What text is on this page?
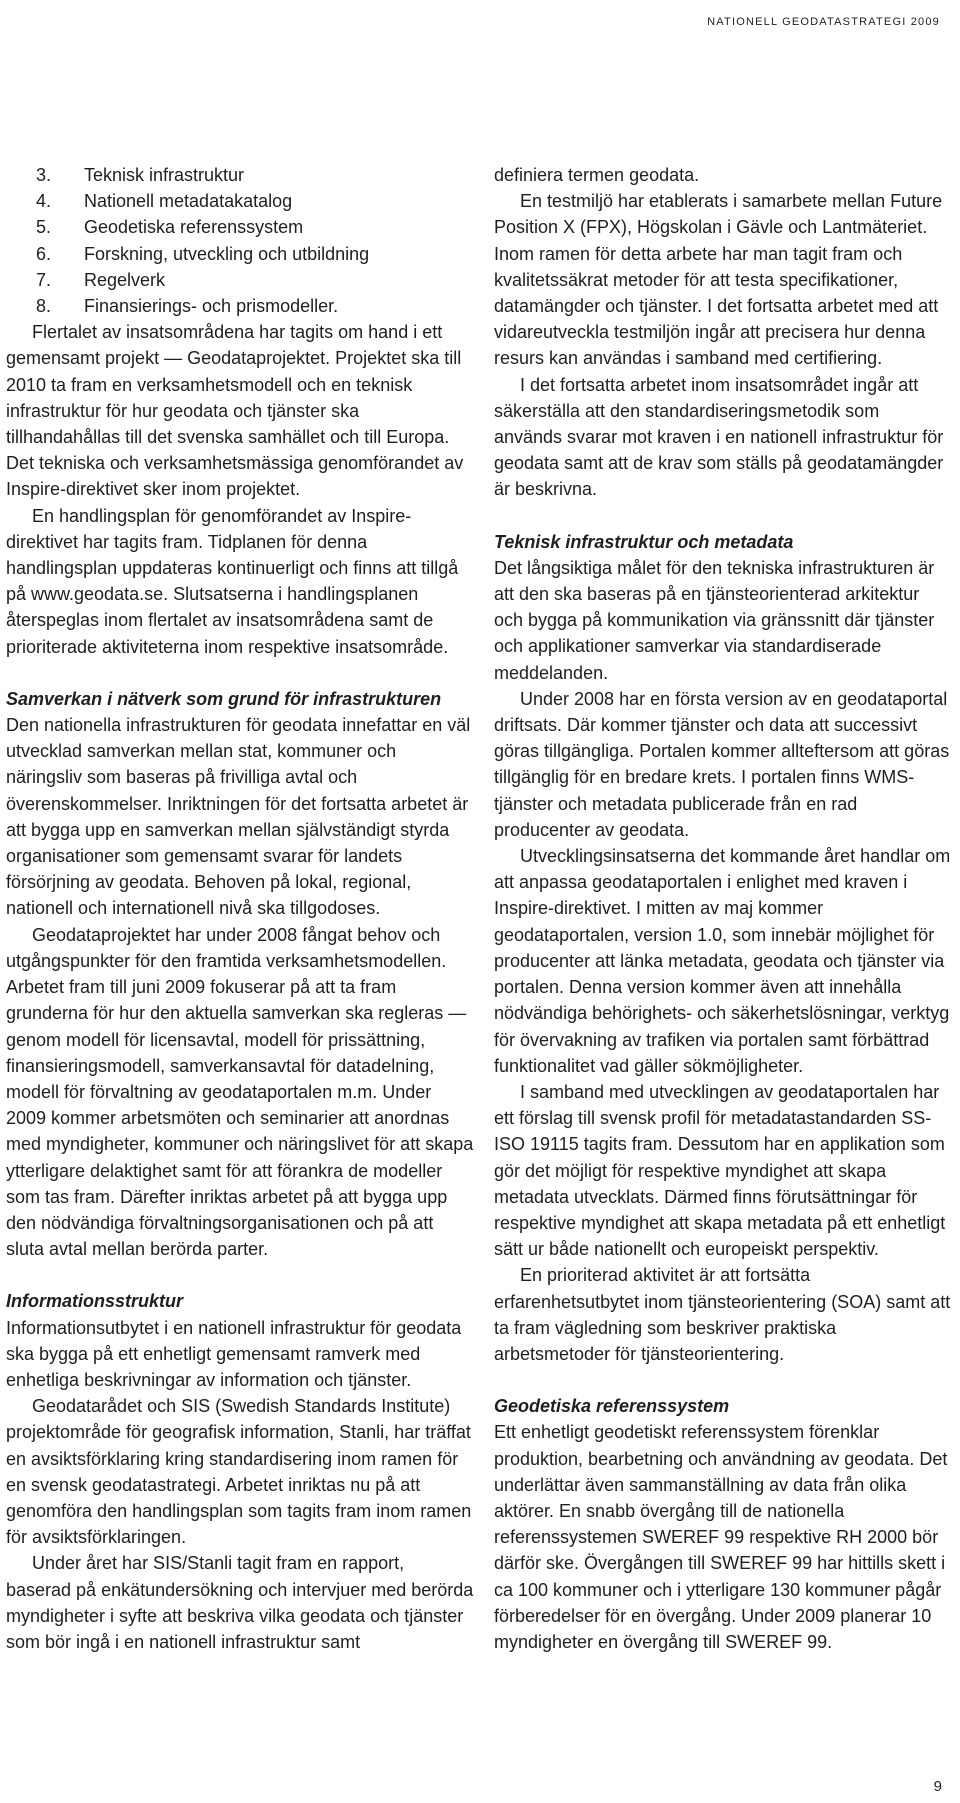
NATIONELL GEODATASTRATEGI 2009
3.	Teknisk infrastruktur
4.	Nationell metadatakatalog
5.	Geodetiska referenssystem
6.	Forskning, utveckling och utbildning
7.	Regelverk
8.	Finansierings- och prismodeller.

Flertalet av insatsområdena har tagits om hand i ett gemensamt projekt — Geodataprojektet. Projektet ska till 2010 ta fram en verksamhetsmodell och en teknisk infrastruktur för hur geodata och tjänster ska tillhandahållas till det svenska samhället och till Europa. Det tekniska och verksamhetsmässiga genomförandet av Inspire-direktivet sker inom projektet.

En handlingsplan för genomförandet av Inspire-direktivet har tagits fram. Tidplanen för denna handlingsplan uppdateras kontinuerligt och finns att tillgå på www.geodata.se. Slutsatserna i handlingsplanen återspeglas inom flertalet av insatsområdena samt de prioriterade aktiviteterna inom respektive insatsområde.

Samverkan i nätverk som grund för infrastrukturen

Den nationella infrastrukturen för geodata innefattar en väl utvecklad samverkan mellan stat, kommuner och näringsliv som baseras på frivilliga avtal och överenskommelser. Inriktningen för det fortsatta arbetet är att bygga upp en samverkan mellan självständigt styrda organisationer som gemensamt svarar för landets försörjning av geodata. Behoven på lokal, regional, nationell och internationell nivå ska tillgodoses.

Geodataprojektet har under 2008 fångat behov och utgångspunkter för den framtida verksamhetsmodellen. Arbetet fram till juni 2009 fokuserar på att ta fram grunderna för hur den aktuella samverkan ska regleras — genom modell för licensavtal, modell för prissättning, finansieringsmodell, samverkansavtal för datadelning, modell för förvaltning av geodataportalen m.m. Under 2009 kommer arbetsmöten och seminarier att anordnas med myndigheter, kommuner och näringslivet för att skapa ytterligare delaktighet samt för att förankra de modeller som tas fram. Därefter inriktas arbetet på att bygga upp den nödvändiga förvaltningsorganisationen och på att sluta avtal mellan berörda parter.

Informationsstruktur

Informationsutbytet i en nationell infrastruktur för geodata ska bygga på ett enhetligt gemensamt ramverk med enhetliga beskrivningar av information och tjänster.

Geodatarådet och SIS (Swedish Standards Institute) projektområde för geografisk information, Stanli, har träffat en avsiktsförklaring kring standardisering inom ramen för en svensk geodatastrategi. Arbetet inriktas nu på att genomföra den handlingsplan som tagits fram inom ramen för avsiktsförklaringen.

Under året har SIS/Stanli tagit fram en rapport, baserad på enkätundersökning och intervjuer med berörda myndigheter i syfte att beskriva vilka geodata och tjänster som bör ingå i en nationell infrastruktur samt

definiera termen geodata.

En testmiljö har etablerats i samarbete mellan Future Position X (FPX), Högskolan i Gävle och Lantmäteriet. Inom ramen för detta arbete har man tagit fram och kvalitetssäkrat metoder för att testa specifikationer, datamängder och tjänster. I det fortsatta arbetet med att vidareutveckla testmiljön ingår att precisera hur denna resurs kan användas i samband med certifiering.

I det fortsatta arbetet inom insatsområdet ingår att säkerställa att den standardiseringsmetodik som används svarar mot kraven i en nationell infrastruktur för geodata samt att de krav som ställs på geodatamängder är beskrivna.

Teknisk infrastruktur och metadata

Det långsiktiga målet för den tekniska infrastrukturen är att den ska baseras på en tjänsteorienterad arkitektur och bygga på kommunikation via gränssnitt där tjänster och applikationer samverkar via standardiserade meddelanden.

Under 2008 har en första version av en geodataportal driftsats. Där kommer tjänster och data att successivt göras tillgängliga. Portalen kommer allteftersom att göras tillgänglig för en bredare krets. I portalen finns WMS-tjänster och metadata publicerade från en rad producenter av geodata.

Utvecklingsinsatserna det kommande året handlar om att anpassa geodataportalen i enlighet med kraven i Inspire-direktivet. I mitten av maj kommer geodataportalen, version 1.0, som innebär möjlighet för producenter att länka metadata, geodata och tjänster via portalen. Denna version kommer även att innehålla nödvändiga behörighets- och säkerhetslösningar, verktyg för övervakning av trafiken via portalen samt förbättrad funktionalitet vad gäller sökmöjligheter.

I samband med utvecklingen av geodataportalen har ett förslag till svensk profil för metadatastandarden SS-ISO 19115 tagits fram. Dessutom har en applikation som gör det möjligt för respektive myndighet att skapa metadata utvecklats. Därmed finns förutsättningar för respektive myndighet att skapa metadata på ett enhetligt sätt ur både nationellt och europeiskt perspektiv.

En prioriterad aktivitet är att fortsätta erfarenhetsutbytet inom tjänsteorientering (SOA) samt att ta fram vägledning som beskriver praktiska arbetsmetoder för tjänsteorientering.

Geodetiska referenssystem

Ett enhetligt geodetiskt referenssystem förenklar produktion, bearbetning och användning av geodata. Det underlättar även sammanställning av data från olika aktörer. En snabb övergång till de nationella referenssystemen SWEREF 99 respektive RH 2000 bör därför ske. Övergången till SWEREF 99 har hittills skett i ca 100 kommuner och i ytterligare 130 kommuner pågår förberedelser för en övergång. Under 2009 planerar 10 myndigheter en övergång till SWEREF 99.

9
